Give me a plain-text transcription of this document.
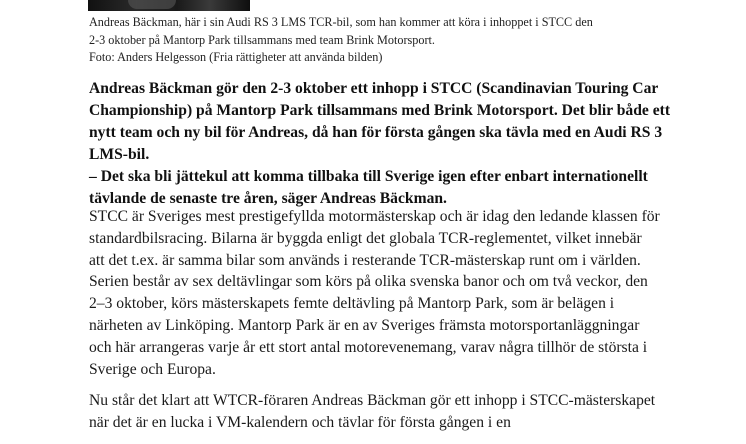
Andreas Bäckman, här i sin Audi RS 3 LMS TCR-bil, som han kommer att köra i inhoppet i STCC den

2-3 oktober på Mantorp Park tillsammans med team Brink Motorsport.

Foto: Anders Helgesson (Fria rättigheter att använda bilden)

Andreas Bäckman gör den 2-3 oktober ett inhopp i STCC (Scandinavian Touring Car Championship) på Mantorp Park tillsammans med Brink Motorsport. Det blir både ett nytt team och ny bil för Andreas, då han för första gången ska tävla med en Audi RS 3 LMS-bil.

– Det ska bli jättekul att komma tillbaka till Sverige igen efter enbart internationellt tävlande de senaste tre åren, säger Andreas Bäckman.

STCC är Sveriges mest prestigefyllda motormästerskap och är idag den ledande klassen för standardbilsracing. Bilarna är byggda enligt det globala TCR-reglementet, vilket innebär att det t.ex. är samma bilar som används i resterande TCR-mästerskap runt om i världen. Serien består av sex deltävlingar som körs på olika svenska banor och om två veckor, den 2–3 oktober, körs mästerskapets femte deltävling på Mantorp Park, som är belägen i närheten av Linköping. Mantorp Park är en av Sveriges främsta motorsportanläggningar och här arrangeras varje år ett stort antal motorevenemang, varav några tillhör de största i Sverige och Europa.

Nu står det klart att WTCR-föraren Andreas Bäckman gör ett inhopp i STCC-mästerskapet när det är en lucka i VM-kalendern och tävlar för första gången i en
